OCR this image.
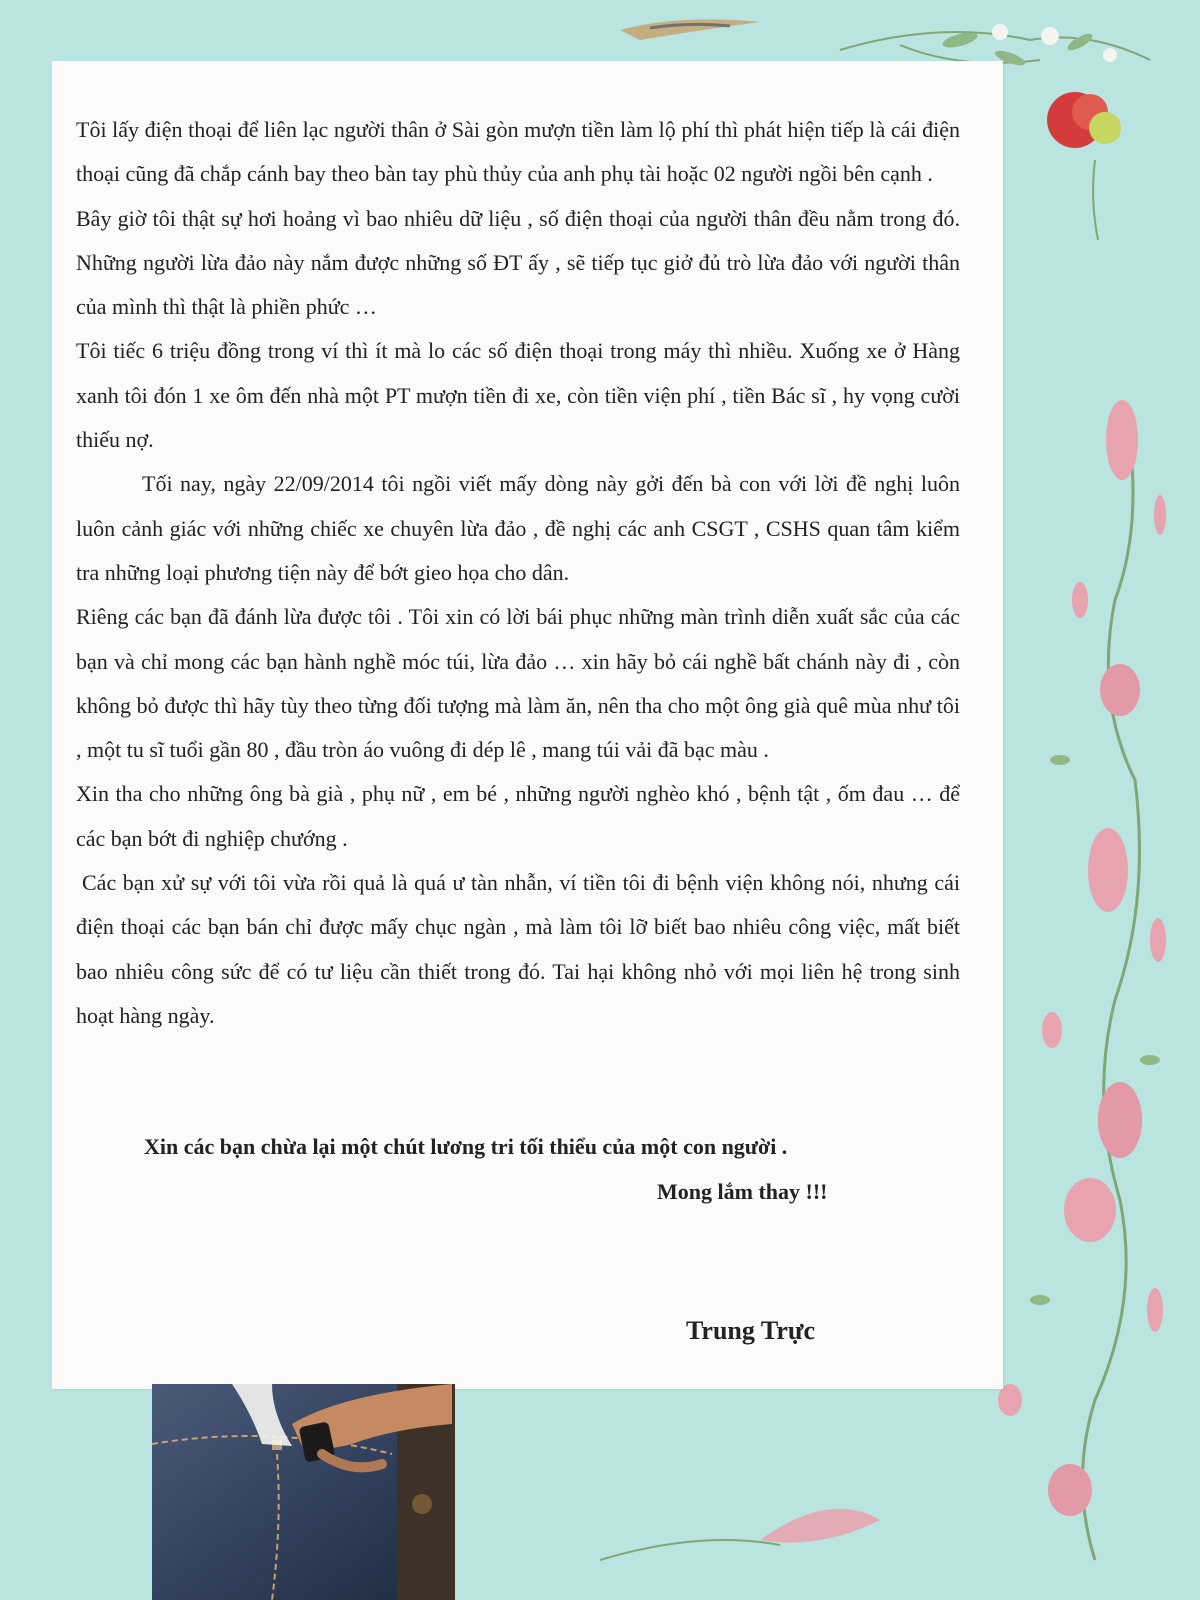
Tôi lấy điện thoại để liên lạc người thân ở Sài gòn mượn tiền làm lộ phí thì phát hiện tiếp là cái điện thoại cũng đã chắp cánh bay theo bàn tay phù thủy của anh phụ tài hoặc 02 người ngồi bên cạnh .

Bây giờ tôi thật sự hơi hoảng vì bao nhiêu dữ liệu , số điện thoại của người thân đều nằm trong đó. Những người lừa đảo này nắm được những số ĐT ấy , sẽ tiếp tục giở đủ trò lừa đảo với người thân của mình thì thật là phiền phức …

Tôi tiếc 6 triệu đồng trong ví thì ít mà lo các số điện thoại trong máy thì nhiều. Xuống xe ở Hàng xanh tôi đón 1 xe ôm đến nhà một PT mượn tiền đi xe, còn tiền viện phí , tiền Bác sĩ , hy vọng cười thiếu nợ.

Tối nay, ngày 22/09/2014 tôi ngồi viết mấy dòng này gởi đến bà con với lời đề nghị luôn luôn cảnh giác với những chiếc xe chuyên lừa đảo , đề nghị các anh CSGT , CSHS quan tâm kiểm tra những loại phương tiện này để bớt gieo họa cho dân.

Riêng các bạn đã đánh lừa được tôi . Tôi xin có lời bái phục những màn trình diễn xuất sắc của các bạn và chỉ mong các bạn hành nghề móc túi, lừa đảo … xin hãy bỏ cái nghề bất chánh này đi , còn không bỏ được thì hãy tùy theo từng đối tượng mà làm ăn, nên tha cho một ông già quê mùa như tôi , một tu sĩ tuổi gần 80 , đầu tròn áo vuông đi dép lê , mang túi vải đã bạc màu .

Xin tha cho những ông bà già , phụ nữ , em bé , những người nghèo khó , bệnh tật , ốm đau … để các bạn bớt đi nghiệp chướng .

Các bạn xử sự với tôi vừa rồi quả là quá ư tàn nhẫn, ví tiền tôi đi bệnh viện không nói, nhưng cái điện thoại các bạn bán chỉ được mấy chục ngàn , mà làm tôi lỡ biết bao nhiêu công việc, mất biết bao nhiêu công sức để có tư liệu cần thiết trong đó. Tai hại không nhỏ với mọi liên hệ trong sinh hoạt hàng ngày.

Xin các bạn chừa lại một chút lương tri tối thiểu của một con người .
Mong lắm thay !!!
Trung Trực
